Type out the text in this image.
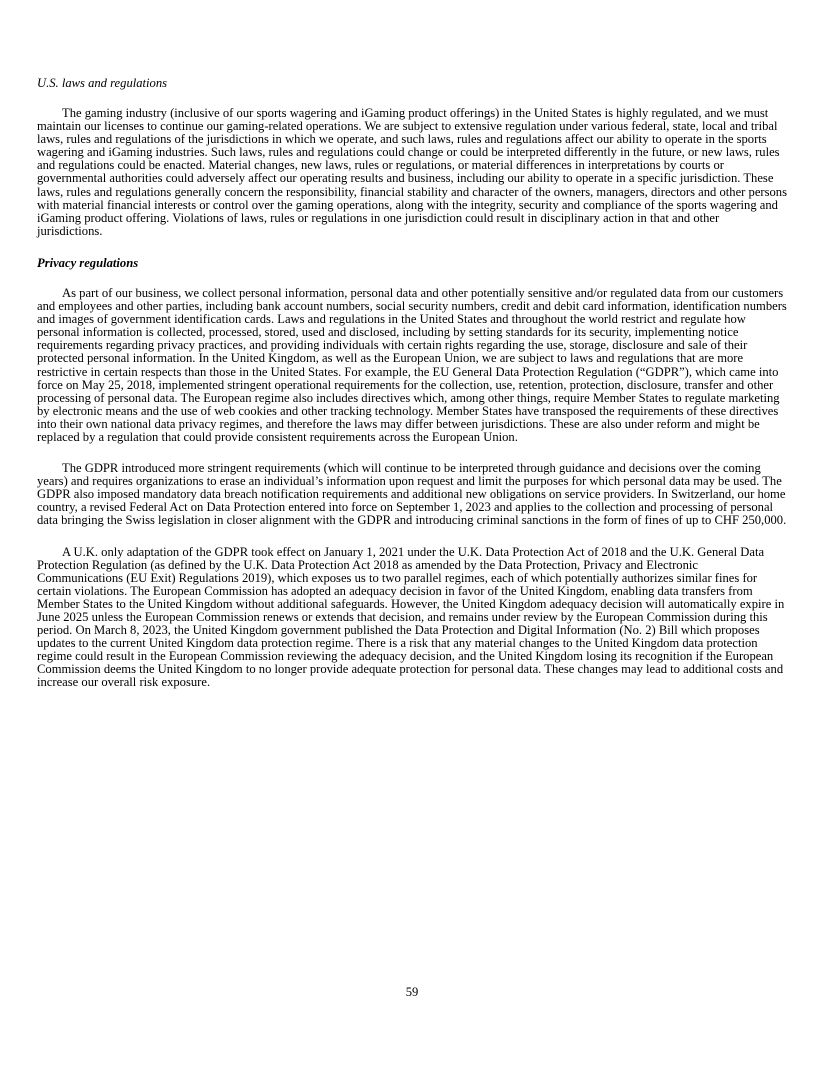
U.S. laws and regulations

The gaming industry (inclusive of our sports wagering and iGaming product offerings) in the United States is highly regulated, and we must maintain our licenses to continue our gaming-related operations. We are subject to extensive regulation under various federal, state, local and tribal laws, rules and regulations of the jurisdictions in which we operate, and such laws, rules and regulations affect our ability to operate in the sports wagering and iGaming industries. Such laws, rules and regulations could change or could be interpreted differently in the future, or new laws, rules and regulations could be enacted. Material changes, new laws, rules or regulations, or material differences in interpretations by courts or governmental authorities could adversely affect our operating results and business, including our ability to operate in a specific jurisdiction. These laws, rules and regulations generally concern the responsibility, financial stability and character of the owners, managers, directors and other persons with material financial interests or control over the gaming operations, along with the integrity, security and compliance of the sports wagering and iGaming product offering. Violations of laws, rules or regulations in one jurisdiction could result in disciplinary action in that and other jurisdictions.

Privacy regulations

As part of our business, we collect personal information, personal data and other potentially sensitive and/or regulated data from our customers and employees and other parties, including bank account numbers, social security numbers, credit and debit card information, identification numbers and images of government identification cards. Laws and regulations in the United States and throughout the world restrict and regulate how personal information is collected, processed, stored, used and disclosed, including by setting standards for its security, implementing notice requirements regarding privacy practices, and providing individuals with certain rights regarding the use, storage, disclosure and sale of their protected personal information. In the United Kingdom, as well as the European Union, we are subject to laws and regulations that are more restrictive in certain respects than those in the United States. For example, the EU General Data Protection Regulation (“GDPR”), which came into force on May 25, 2018, implemented stringent operational requirements for the collection, use, retention, protection, disclosure, transfer and other processing of personal data. The European regime also includes directives which, among other things, require Member States to regulate marketing by electronic means and the use of web cookies and other tracking technology. Member States have transposed the requirements of these directives into their own national data privacy regimes, and therefore the laws may differ between jurisdictions. These are also under reform and might be replaced by a regulation that could provide consistent requirements across the European Union.

The GDPR introduced more stringent requirements (which will continue to be interpreted through guidance and decisions over the coming years) and requires organizations to erase an individual’s information upon request and limit the purposes for which personal data may be used. The GDPR also imposed mandatory data breach notification requirements and additional new obligations on service providers. In Switzerland, our home country, a revised Federal Act on Data Protection entered into force on September 1, 2023 and applies to the collection and processing of personal data bringing the Swiss legislation in closer alignment with the GDPR and introducing criminal sanctions in the form of fines of up to CHF 250,000.

A U.K. only adaptation of the GDPR took effect on January 1, 2021 under the U.K. Data Protection Act of 2018 and the U.K. General Data Protection Regulation (as defined by the U.K. Data Protection Act 2018 as amended by the Data Protection, Privacy and Electronic Communications (EU Exit) Regulations 2019), which exposes us to two parallel regimes, each of which potentially authorizes similar fines for certain violations. The European Commission has adopted an adequacy decision in favor of the United Kingdom, enabling data transfers from Member States to the United Kingdom without additional safeguards. However, the United Kingdom adequacy decision will automatically expire in June 2025 unless the European Commission renews or extends that decision, and remains under review by the European Commission during this period. On March 8, 2023, the United Kingdom government published the Data Protection and Digital Information (No. 2) Bill which proposes updates to the current United Kingdom data protection regime. There is a risk that any material changes to the United Kingdom data protection regime could result in the European Commission reviewing the adequacy decision, and the United Kingdom losing its recognition if the European Commission deems the United Kingdom to no longer provide adequate protection for personal data. These changes may lead to additional costs and increase our overall risk exposure.

59
